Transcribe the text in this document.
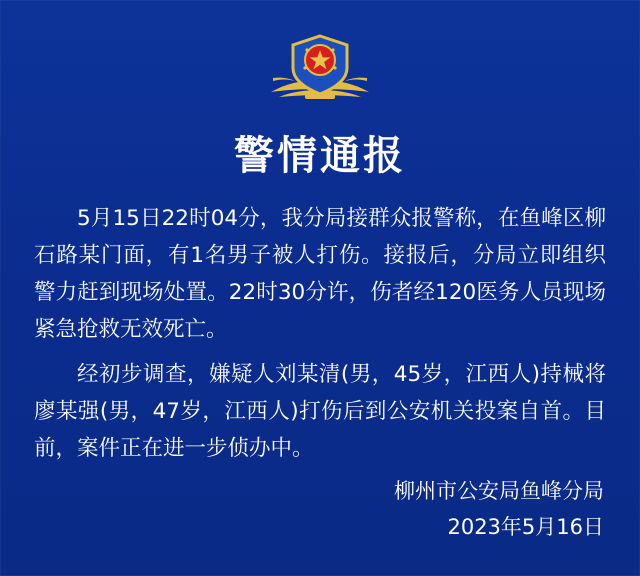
警情通报

5月15日22时04分，我分局接群众报警称，在鱼峰区柳石路某门面，有1名男子被人打伤。接报后，分局立即组织警力赶到现场处置。22时30分许，伤者经120医务人员现场紧急抢救无效死亡。

经初步调查，嫌疑人刘某清(男，45岁，江西人)持械将廖某强(男，47岁，江西人)打伤后到公安机关投案自首。目前，案件正在进一步侦办中。

柳州市公安局鱼峰分局
2023年5月16日
